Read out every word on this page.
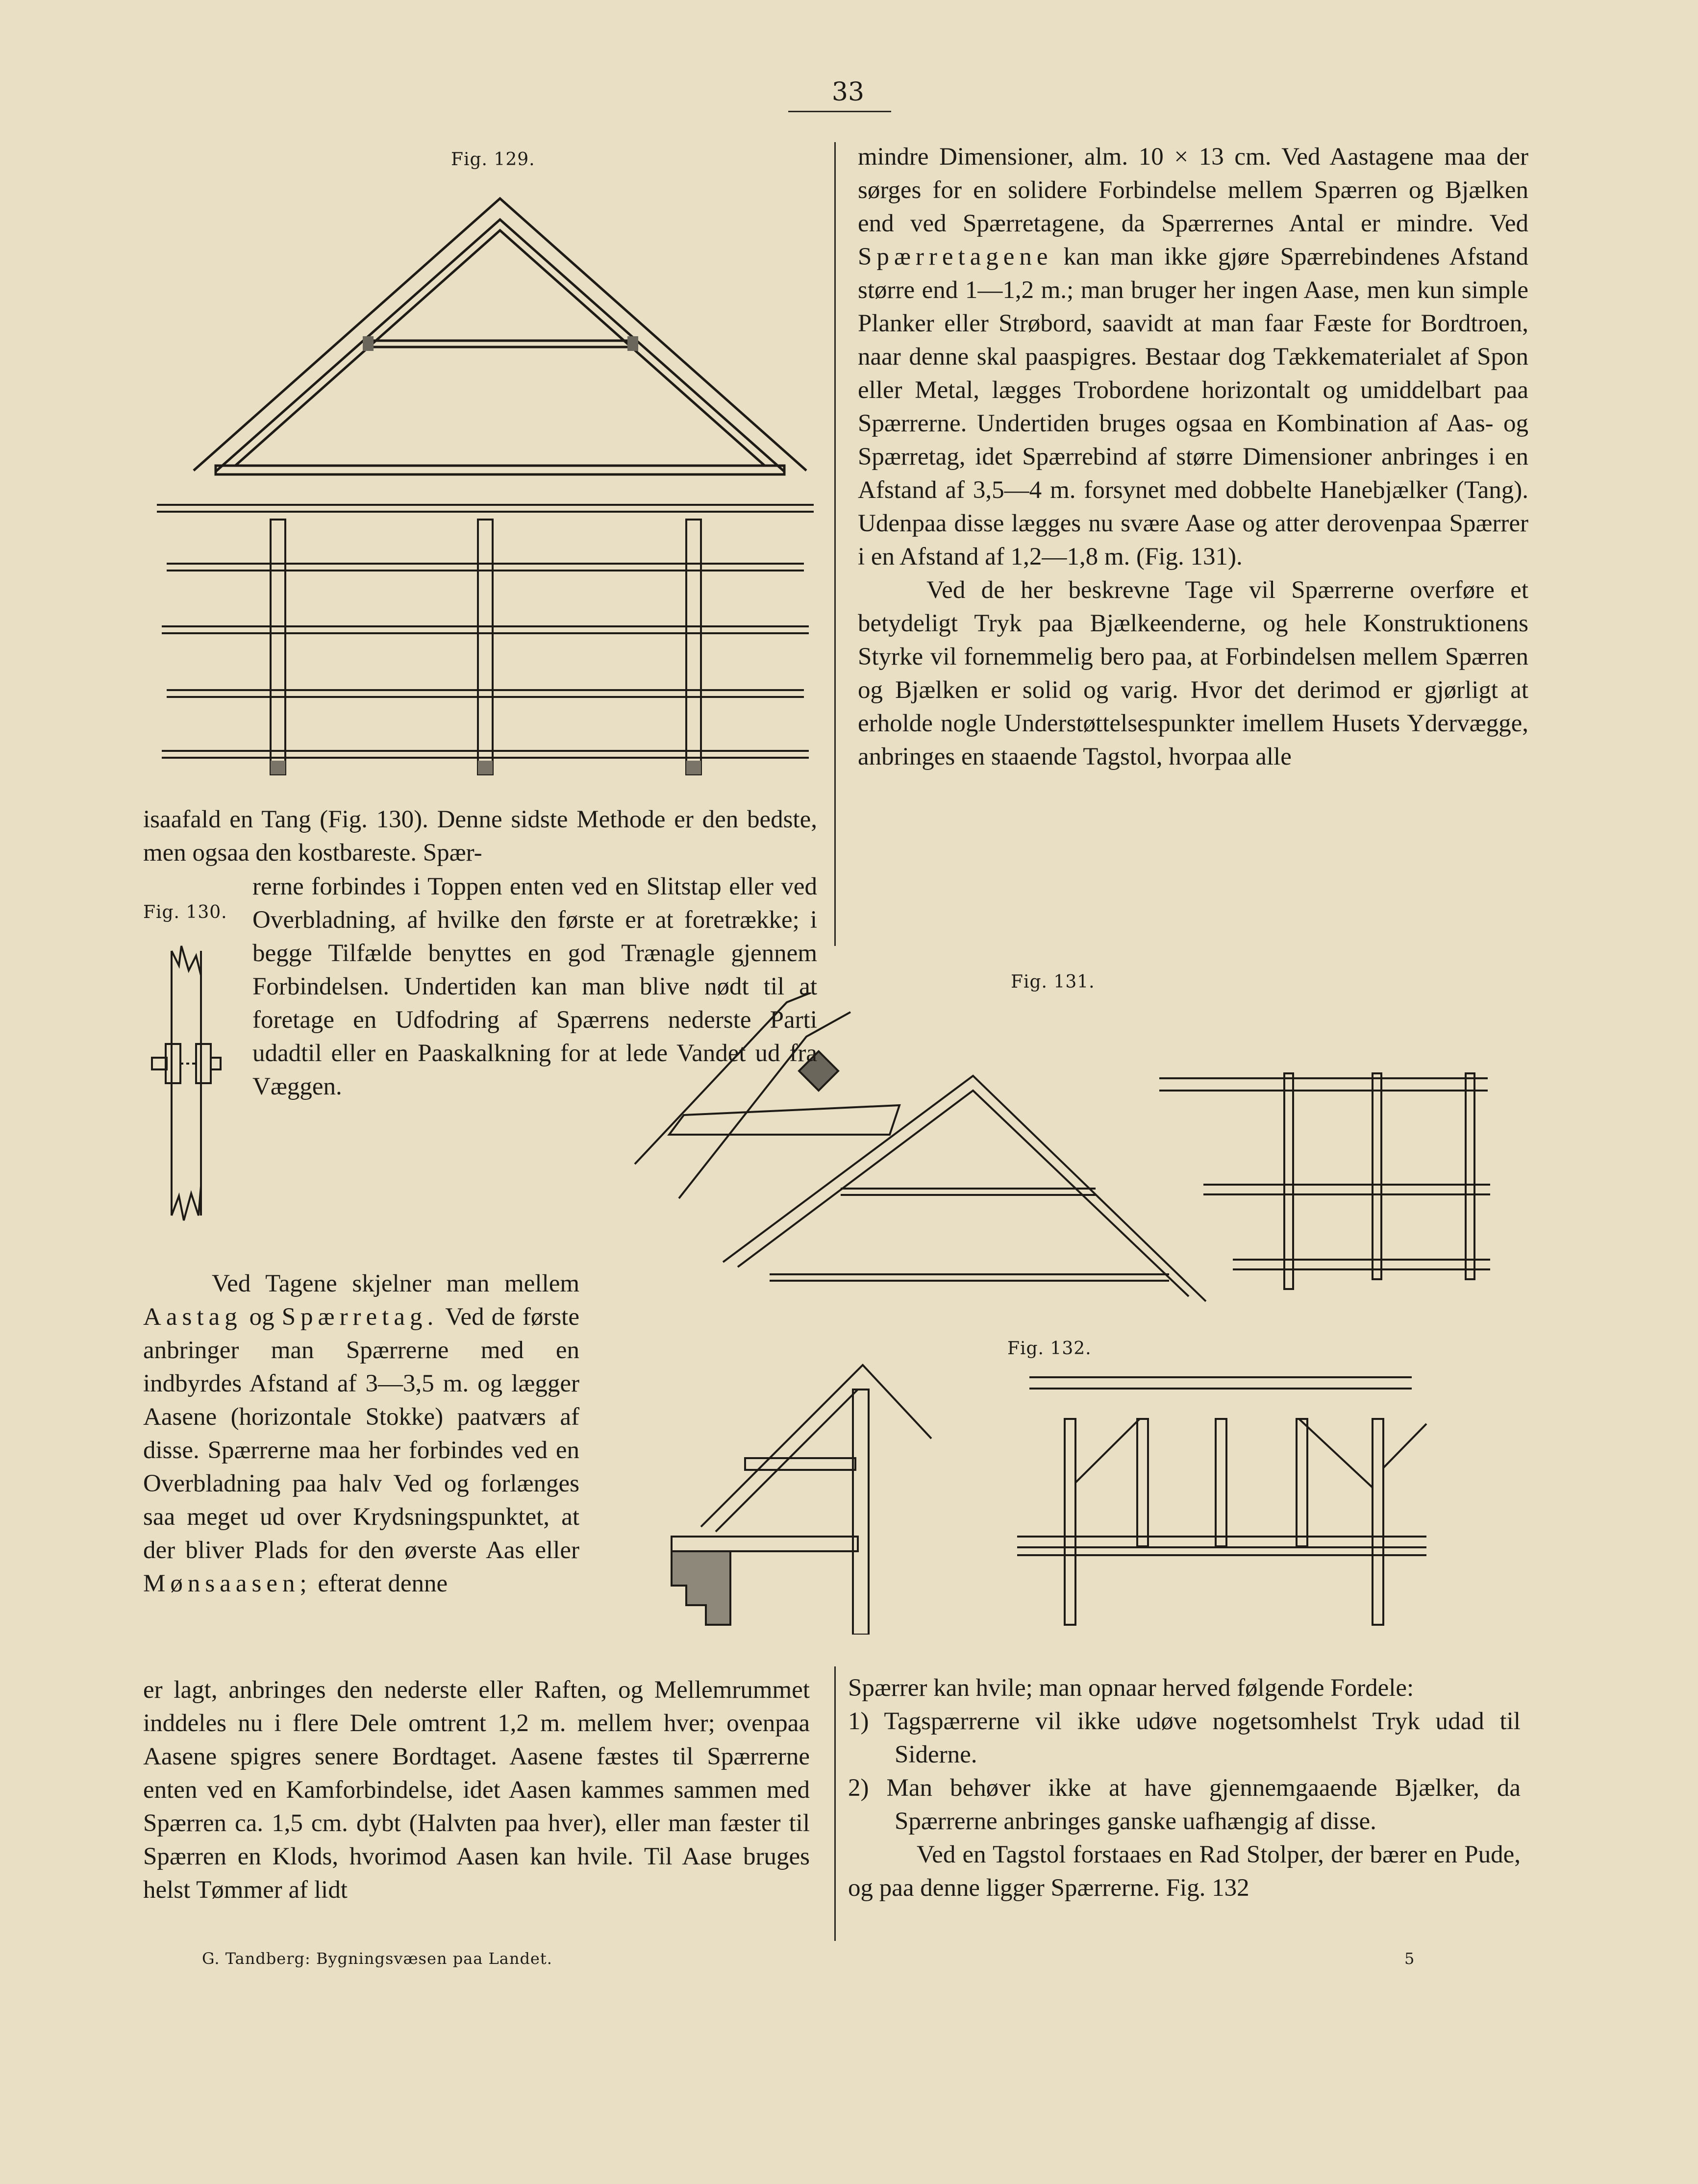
33
Fig. 129.
Fig. 130.
Fig. 131.
Fig. 132.

isaafald en Tang (Fig. 130). Denne sidste Methode er den bedste, men ogsaa den kostbareste. Spær-

rerne forbindes i Toppen enten ved en Slitstap eller ved Overbladning, af hvilke den første er at foretrække; i begge Tilfælde benyttes en god Trænagle gjennem Forbindelsen. Undertiden kan man blive nødt til at foretage en Udfodring af Spærrens nederste Parti udadtil eller en Paaskalkning for at lede Vandet ud fra Væggen.

Ved Tagene skjelner man mellem Aastag og Spærretag. Ved de første anbringer man Spærrerne med en indbyrdes Afstand af 3—3,5 m. og lægger Aasene (horizontale Stokke) paatværs af disse. Spærrerne maa her forbindes ved en Overbladning paa halv Ved og forlænges saa meget ud over Krydsningspunktet, at der bliver Plads for den øverste Aas eller Mønsaasen; efterat denne

er lagt, anbringes den nederste eller Raften, og Mellemrummet inddeles nu i flere Dele omtrent 1,2 m. mellem hver; ovenpaa Aasene spigres senere Bordtaget. Aasene fæstes til Spærrerne enten ved en Kamforbindelse, idet Aasen kammes sammen med Spærren ca. 1,5 cm. dybt (Halvten paa hver), eller man fæster til Spærren en Klods, hvorimod Aasen kan hvile. Til Aase bruges helst Tømmer af lidt

mindre Dimensioner, alm. 10 × 13 cm. Ved Aastagene maa der sørges for en solidere Forbindelse mellem Spærren og Bjælken end ved Spærretagene, da Spærrernes Antal er mindre. Ved Spærretagene kan man ikke gjøre Spærrebindenes Afstand større end 1—1,2 m.; man bruger her ingen Aase, men kun simple Planker eller Strøbord, saavidt at man faar Fæste for Bordtroen, naar denne skal paaspigres. Bestaar dog Tækkematerialet af Spon eller Metal, lægges Trobordene horizontalt og umiddelbart paa Spærrerne. Undertiden bruges ogsaa en Kombination af Aas- og Spærretag, idet Spærrebind af større Dimensioner anbringes i en Afstand af 3,5—4 m. forsynet med dobbelte Hanebjælker (Tang). Udenpaa disse lægges nu svære Aase og atter derovenpaa Spærrer i en Afstand af 1,2—1,8 m. (Fig. 131).

Ved de her beskrevne Tage vil Spærrerne overføre et betydeligt Tryk paa Bjælkeenderne, og hele Konstruktionens Styrke vil fornemmelig bero paa, at Forbindelsen mellem Spærren og Bjælken er solid og varig. Hvor det derimod er gjørligt at erholde nogle Understøttelsespunkter imellem Husets Ydervægge, anbringes en staaende Tagstol, hvorpaa alle

Spærrer kan hvile; man opnaar herved følgende Fordele:

1) Tagspærrerne vil ikke udøve nogetsomhelst Tryk udad til Siderne.

2) Man behøver ikke at have gjennemgaaende Bjælker, da Spærrerne anbringes ganske uafhængig af disse.

Ved en Tagstol forstaaes en Rad Stolper, der bærer en Pude, og paa denne ligger Spærrerne. Fig. 132

G. Tandberg: Bygningsvæsen paa Landet.	5
